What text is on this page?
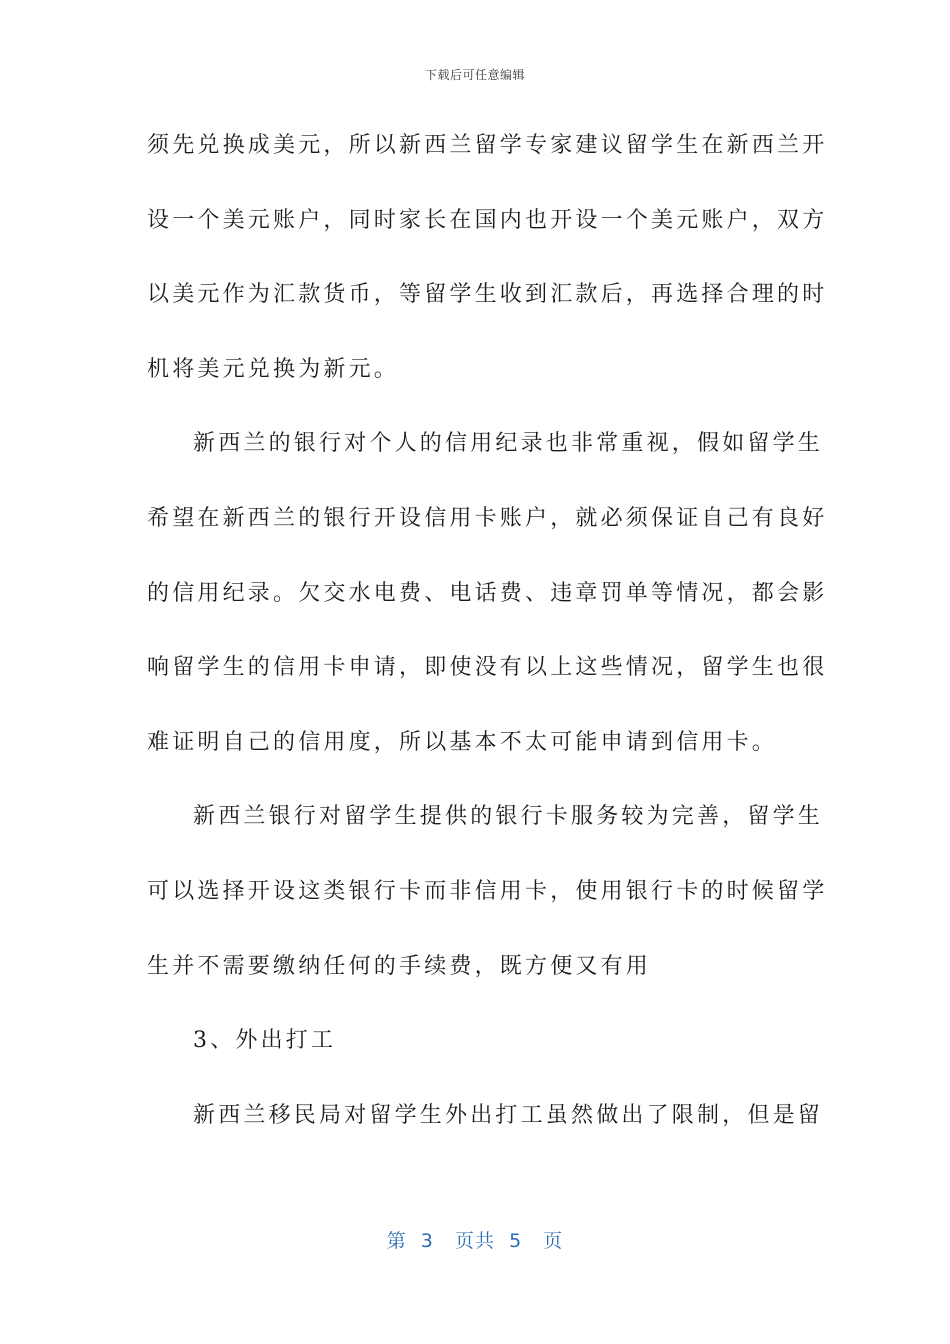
下载后可任意编辑
须先兑换成美元，所以新西兰留学专家建议留学生在新西兰开
设一个美元账户，同时家长在国内也开设一个美元账户，双方
以美元作为汇款货币，等留学生收到汇款后，再选择合理的时
机将美元兑换为新元。
新西兰的银行对个人的信用纪录也非常重视，假如留学生
希望在新西兰的银行开设信用卡账户，就必须保证自己有良好
的信用纪录。欠交水电费、电话费、违章罚单等情况，都会影
响留学生的信用卡申请，即使没有以上这些情况，留学生也很
难证明自己的信用度，所以基本不太可能申请到信用卡。
新西兰银行对留学生提供的银行卡服务较为完善，留学生
可以选择开设这类银行卡而非信用卡，使用银行卡的时候留学
生并不需要缴纳任何的手续费，既方便又有用
3、外出打工
新西兰移民局对留学生外出打工虽然做出了限制，但是留
第  3   页共  5   页
